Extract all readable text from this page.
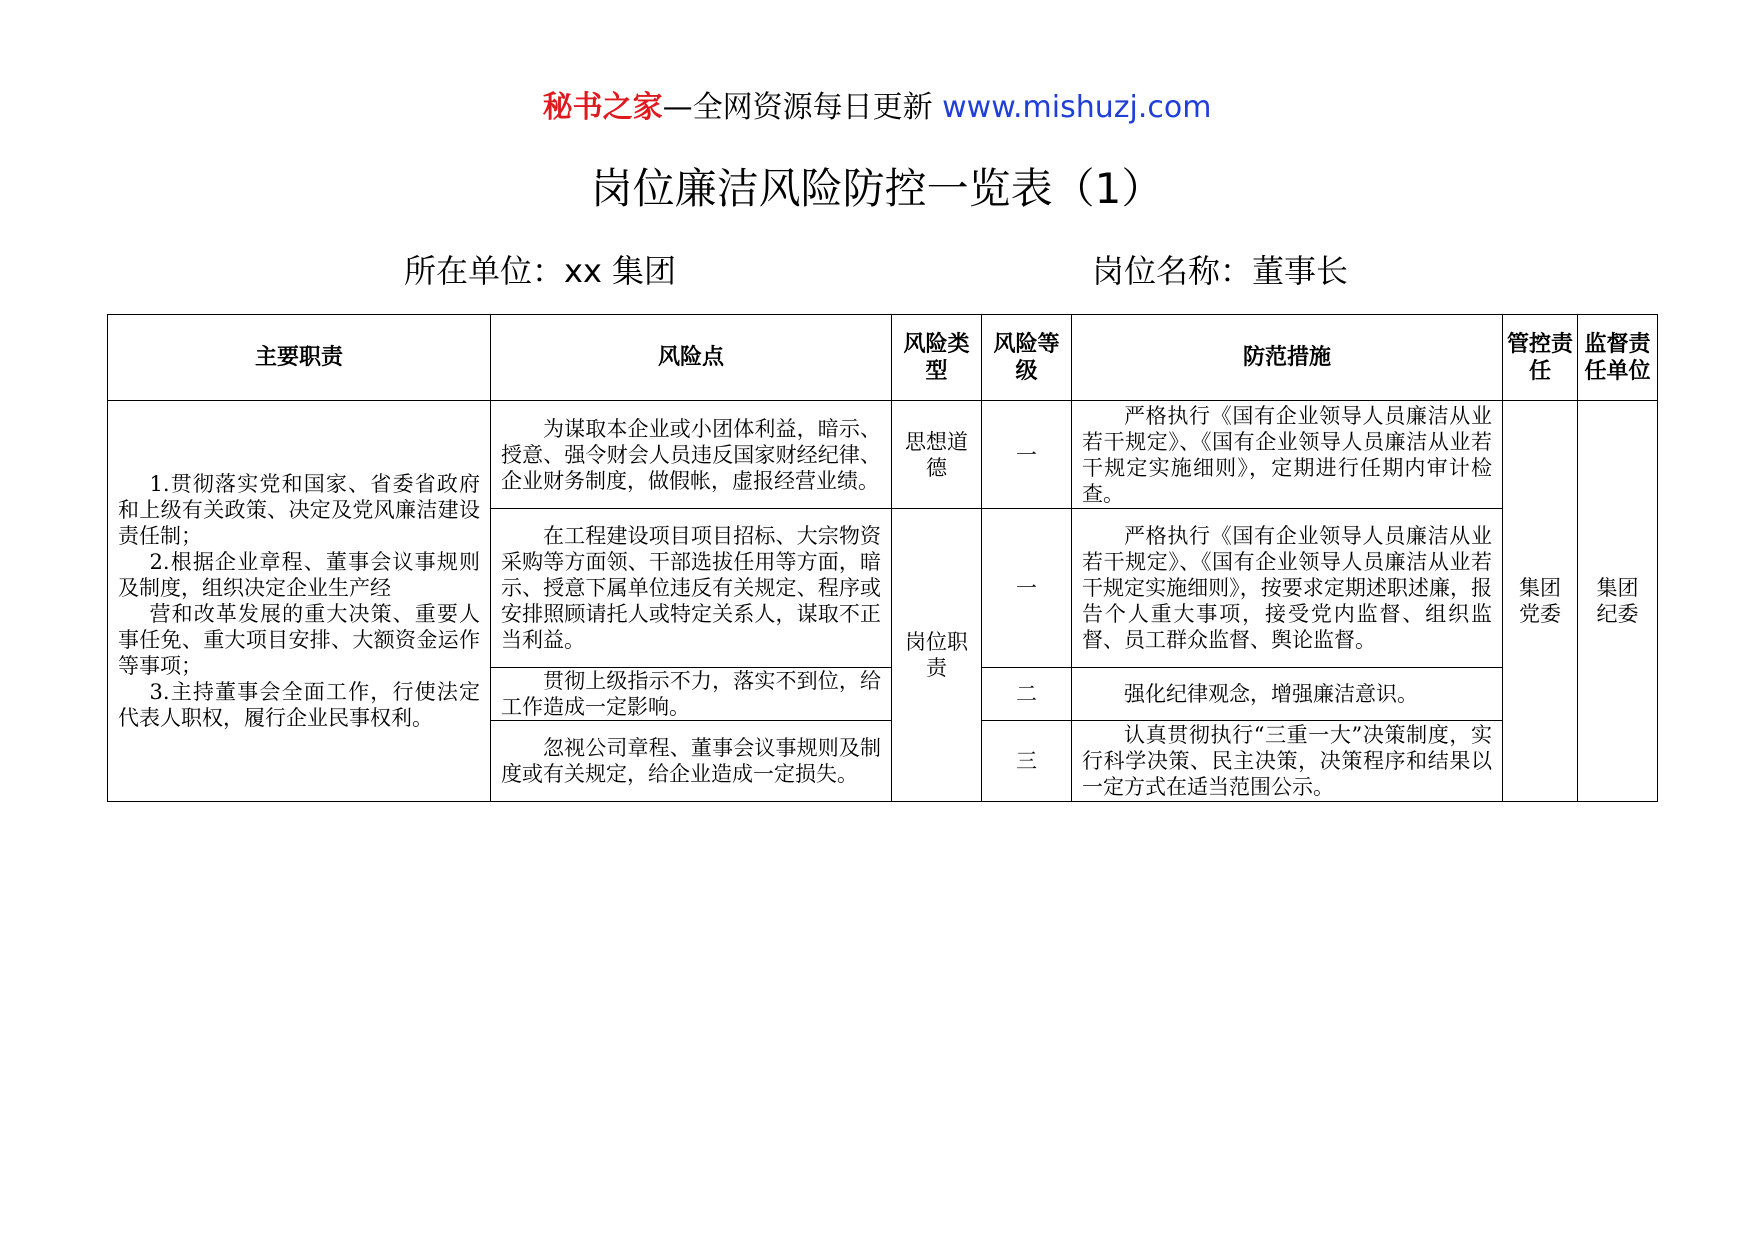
秘书之家—全网资源每日更新 www.mishuzj.com
岗位廉洁风险防控一览表（1）
所在单位：xx 集团	岗位名称：董事长
主要职责	风险点	风险类型	风险等级	防范措施	管控责任	监督责任单位

1.贯彻落实党和国家、省委省政府和上级有关政策、决定及党风廉洁建设责任制；
2.根据企业章程、董事会议事规则及制度，组织决定企业生产经
营和改革发展的重大决策、重要人事任免、重大项目安排、大额资金运作等事项；
3.主持董事会全面工作，行使法定代表人职权，履行企业民事权利。	为谋取本企业或小团体利益，暗示、授意、强令财会人员违反国家财经纪律、企业财务制度，做假帐，虚报经营业绩。	思想道德	一	严格执行《国有企业领导人员廉洁从业若干规定》、《国有企业领导人员廉洁从业若干规定实施细则》，定期进行任期内审计检查。	集团党委	集团纪委
	在工程建设项目项目招标、大宗物资采购等方面领、干部选拔任用等方面，暗示、授意下属单位违反有关规定、程序或安排照顾请托人或特定关系人，谋取不正当利益。	岗位职责	一	严格执行《国有企业领导人员廉洁从业若干规定》、《国有企业领导人员廉洁从业若干规定实施细则》，按要求定期述职述廉，报告个人重大事项，接受党内监督、组织监督、员工群众监督、舆论监督。		
	贯彻上级指示不力，落实不到位，给工作造成一定影响。		二	强化纪律观念，增强廉洁意识。		
	忽视公司章程、董事会议事规则及制度或有关规定，给企业造成一定损失。		三	认真贯彻执行“三重一大”决策制度，实行科学决策、民主决策，决策程序和结果以一定方式在适当范围公示。		
